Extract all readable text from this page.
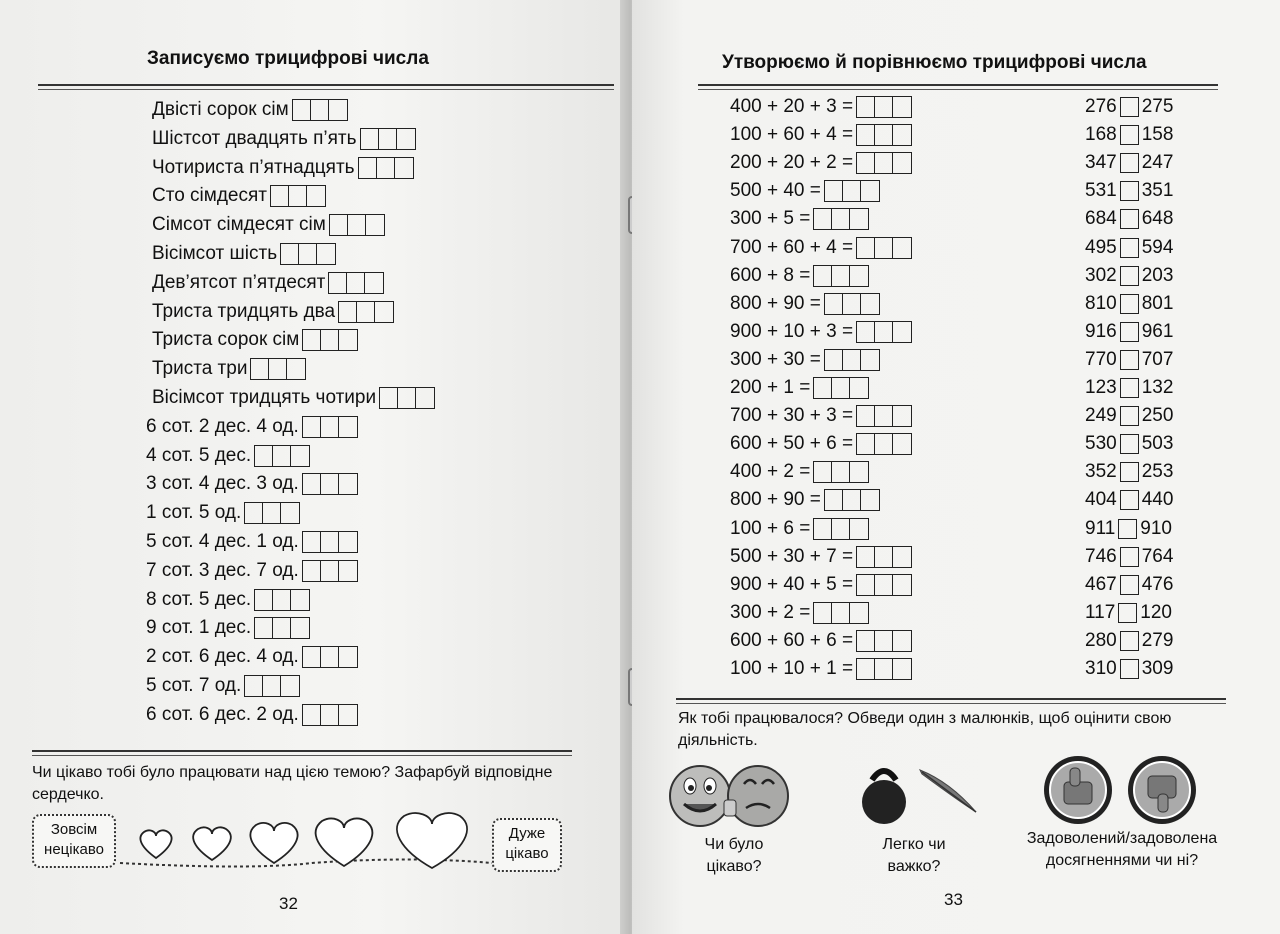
Записуємо трицифрові числа
Двісті сорок сім
Шістсот двадцять п’ять
Чотириста п’ятнадцять
Сто сімдесят
Сімсот сімдесят сім
Вісімсот шість
Дев’ятсот п’ятдесят
Триста тридцять два
Триста сорок сім
Триста три
Вісімсот тридцять чотири
6 сот. 2 дес. 4 од.
4 сот. 5 дес.
3 сот. 4 дес. 3 од.
1 сот. 5 од.
5 сот. 4 дес. 1 од.
7 сот. 3 дес. 7 од.
8 сот. 5 дес.
9 сот. 1 дес.
2 сот. 6 дес. 4 од.
5 сот. 7 од.
6 сот. 6 дес. 2 од.
Чи цікаво тобі було працювати над цією темою? Зафарбуй відповідне сердечко.
Зовсім нецікаво
Дуже цікаво
32
Утворюємо й порівнюємо трицифрові числа
400 + 20 + 3 =
100 + 60 + 4 =
200 + 20 + 2 =
500 + 40 =
300 + 5 =
700 + 60 + 4 =
600 + 8 =
800 + 90 =
900 + 10 + 3 =
300 + 30 =
200 + 1 =
700 + 30 + 3 =
600 + 50 + 6 =
400 + 2 =
800 + 90 =
100 + 6 =
500 + 30 + 7 =
900 + 40 + 5 =
300 + 2 =
600 + 60 + 6 =
100 + 10 + 1 =
276 275
168 158
347 247
531 351
684 648
495 594
302 203
810 801
916 961
770 707
123 132
249 250
530 503
352 253
404 440
911 910
746 764
467 476
117 120
280 279
310 309
Як тобі працювалося? Обведи один з малюнків, щоб оцінити свою діяльність.
Чи було цікаво?
Легко чи важко?
Задоволений/задоволена досягненнями чи ні?
33
